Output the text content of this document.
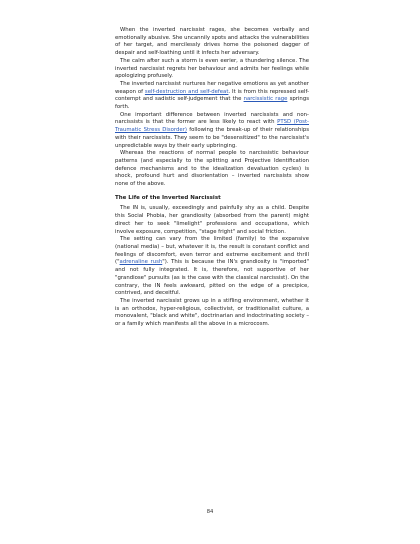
When the inverted narcissist rages, she becomes verbally and emotionally abusive. She uncannily spots and attacks the vulnerabilities of her target, and mercilessly drives home the poisoned dagger of despair and self-loathing until it infects her adversary.

The calm after such a storm is even eerier, a thundering silence. The inverted narcissist regrets her behaviour and admits her feelings while apologizing profusely.

The inverted narcissist nurtures her negative emotions as yet another weapon of self-destruction and self-defeat. It is from this repressed self-contempt and sadistic self-judgement that the narcissistic rage springs forth.

One important difference between inverted narcissists and non-narcissists is that the former are less likely to react with PTSD (Post-Traumatic Stress Disorder) following the break-up of their relationships with their narcissists. They seem to be "desensitized" to the narcissist's unpredictable ways by their early upbringing.

Whereas the reactions of normal people to narcissistic behaviour patterns (and especially to the splitting and Projective Identification defence mechanisms and to the idealization devaluation cycles) is shock, profound hurt and disorientation – inverted narcissists show none of the above.

The Life of the Inverted Narcissist

The IN is, usually, exceedingly and painfully shy as a child. Despite this Social Phobia, her grandiosity (absorbed from the parent) might direct her to seek "limelight" professions and occupations, which involve exposure, competition, "stage fright" and social friction.

The setting can vary from the limited (family) to the expansive (national media) – but, whatever it is, the result is constant conflict and feelings of discomfort, even terror and extreme excitement and thrill ("adrenaline rush"). This is because the IN's grandiosity is "imported" and not fully integrated. It is, therefore, not supportive of her "grandiose" pursuits (as is the case with the classical narcissist). On the contrary, the IN feels awkward, pitted on the edge of a precipice, contrived, and deceitful.

The inverted narcissist grows up in a stifling environment, whether it is an orthodox, hyper-religious, collectivist, or traditionalist culture, a monovalent, "black and white", doctrinarian and indoctrinating society – or a family which manifests all the above in a microcosm.

84
